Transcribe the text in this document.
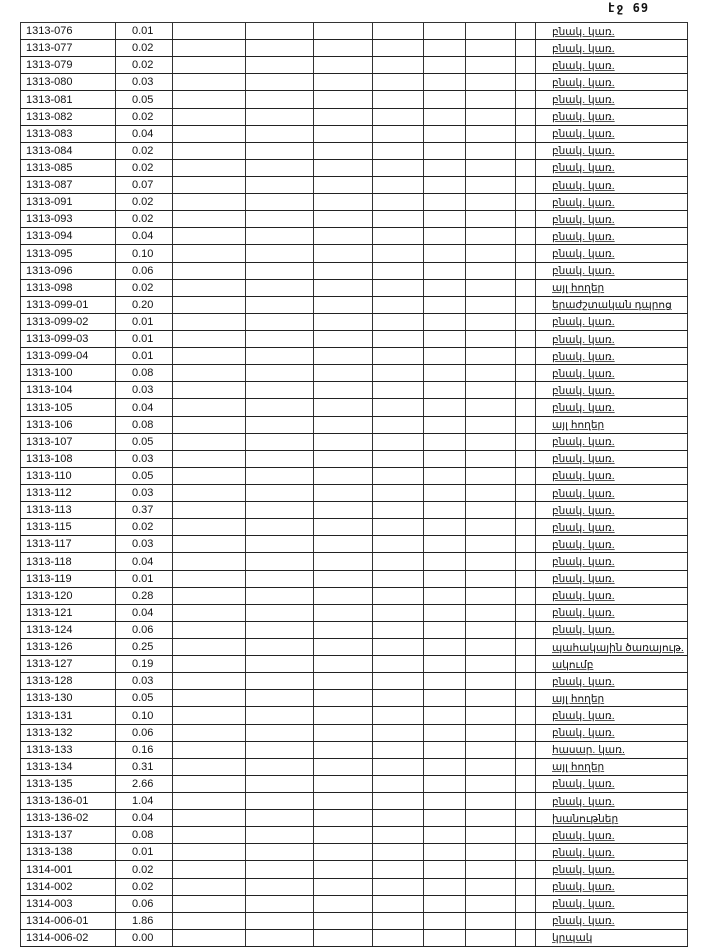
էջ 69
1313-076	0.01	բնակ. կառ.
1313-077	0.02	բնակ. կառ.
1313-079	0.02	բնակ. կառ.
1313-080	0.03	բնակ. կառ.
1313-081	0.05	բնակ. կառ.
1313-082	0.02	բնակ. կառ.
1313-083	0.04	բնակ. կառ.
1313-084	0.02	բնակ. կառ.
1313-085	0.02	բնակ. կառ.
1313-087	0.07	բնակ. կառ.
1313-091	0.02	բնակ. կառ.
1313-093	0.02	բնակ. կառ.
1313-094	0.04	բնակ. կառ.
1313-095	0.10	բնակ. կառ.
1313-096	0.06	բնակ. կառ.
1313-098	0.02	այլ հողեր
1313-099-01	0.20	երաժշտական դպրոց
1313-099-02	0.01	բնակ. կառ.
1313-099-03	0.01	բնակ. կառ.
1313-099-04	0.01	բնակ. կառ.
1313-100	0.08	բնակ. կառ.
1313-104	0.03	բնակ. կառ.
1313-105	0.04	բնակ. կառ.
1313-106	0.08	այլ հողեր
1313-107	0.05	բնակ. կառ.
1313-108	0.03	բնակ. կառ.
1313-110	0.05	բնակ. կառ.
1313-112	0.03	բնակ. կառ.
1313-113	0.37	բնակ. կառ.
1313-115	0.02	բնակ. կառ.
1313-117	0.03	բնակ. կառ.
1313-118	0.04	բնակ. կառ.
1313-119	0.01	բնակ. կառ.
1313-120	0.28	բնակ. կառ.
1313-121	0.04	բնակ. կառ.
1313-124	0.06	բնակ. կառ.
1313-126	0.25	պահակային ծառայութ.
1313-127	0.19	ակումբ
1313-128	0.03	բնակ. կառ.
1313-130	0.05	այլ հողեր
1313-131	0.10	բնակ. կառ.
1313-132	0.06	բնակ. կառ.
1313-133	0.16	հասար. կառ.
1313-134	0.31	այլ հողեր
1313-135	2.66	բնակ. կառ.
1313-136-01	1.04	բնակ. կառ.
1313-136-02	0.04	խանութներ
1313-137	0.08	բնակ. կառ.
1313-138	0.01	բնակ. կառ.
1314-001	0.02	բնակ. կառ.
1314-002	0.02	բնակ. կառ.
1314-003	0.06	բնակ. կառ.
1314-006-01	1.86	բնակ. կառ.
1314-006-02	0.00	կրպակ
